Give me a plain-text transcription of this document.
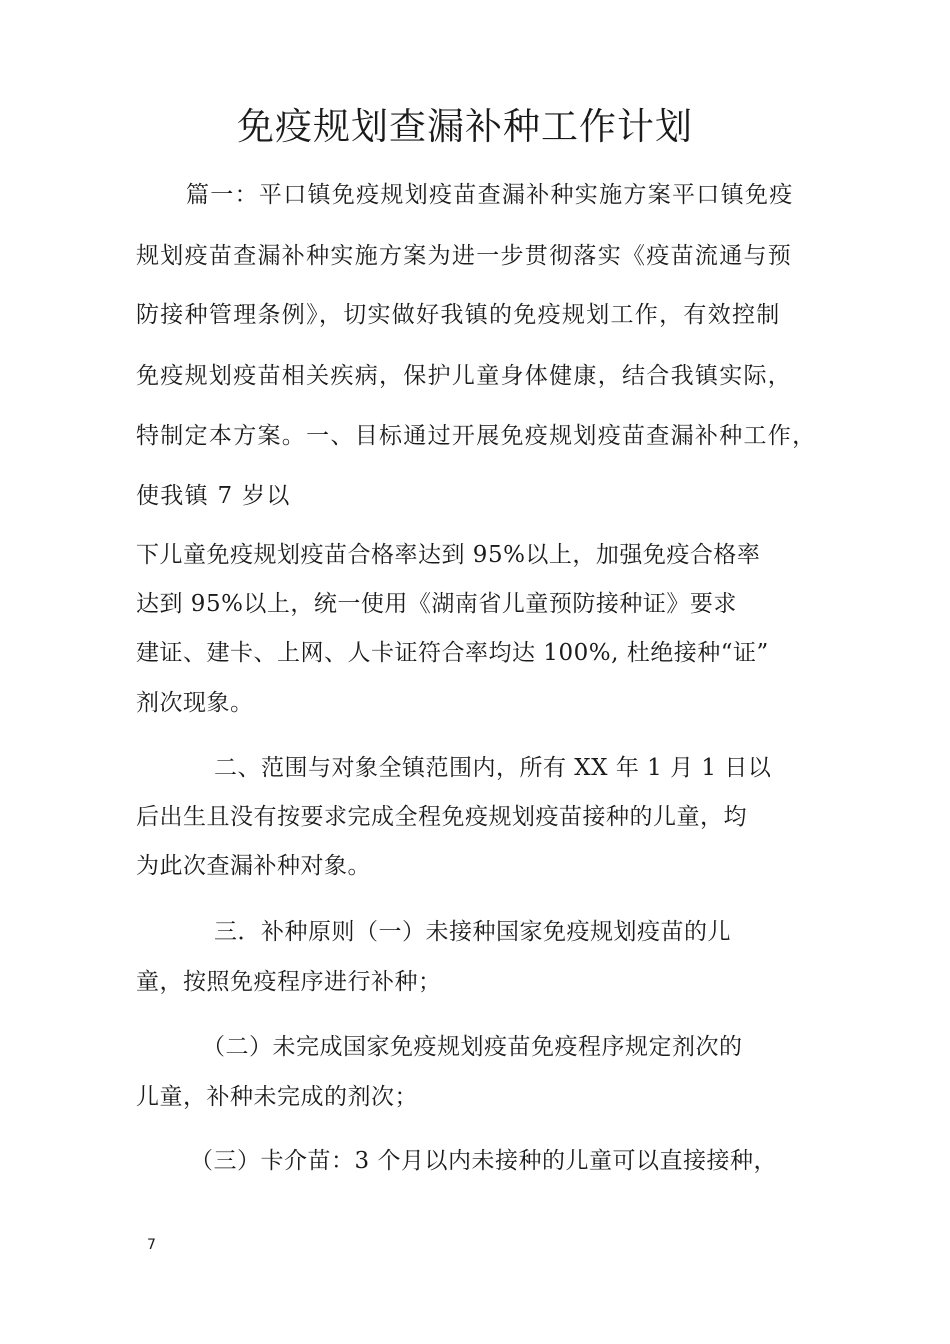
免疫规划查漏补种工作计划
篇一：平口镇免疫规划疫苗查漏补种实施方案平口镇免疫
规划疫苗查漏补种实施方案为进一步贯彻落实《疫苗流通与预
防接种管理条例》，切实做好我镇的免疫规划工作，有效控制
免疫规划疫苗相关疾病，保护儿童身体健康，结合我镇实际，
特制定本方案。一、目标通过开展免疫规划疫苗查漏补种工作，
使我镇 7 岁以
下儿童免疫规划疫苗合格率达到 95%以上，加强免疫合格率
达到 95%以上，统一使用《湖南省儿童预防接种证》要求
建证、建卡、上网、人卡证符合率均达 100%, 杜绝接种“证”
剂次现象。
二、范围与对象全镇范围内，所有 XX 年 1 月 1 日以
后出生且没有按要求完成全程免疫规划疫苗接种的儿童，均
为此次查漏补种对象。
三．补种原则（一）未接种国家免疫规划疫苗的儿
童，按照免疫程序进行补种；
（二）未完成国家免疫规划疫苗免疫程序规定剂次的
儿童，补种未完成的剂次；
（三）卡介苗：3 个月以内未接种的儿童可以直接接种，
7
